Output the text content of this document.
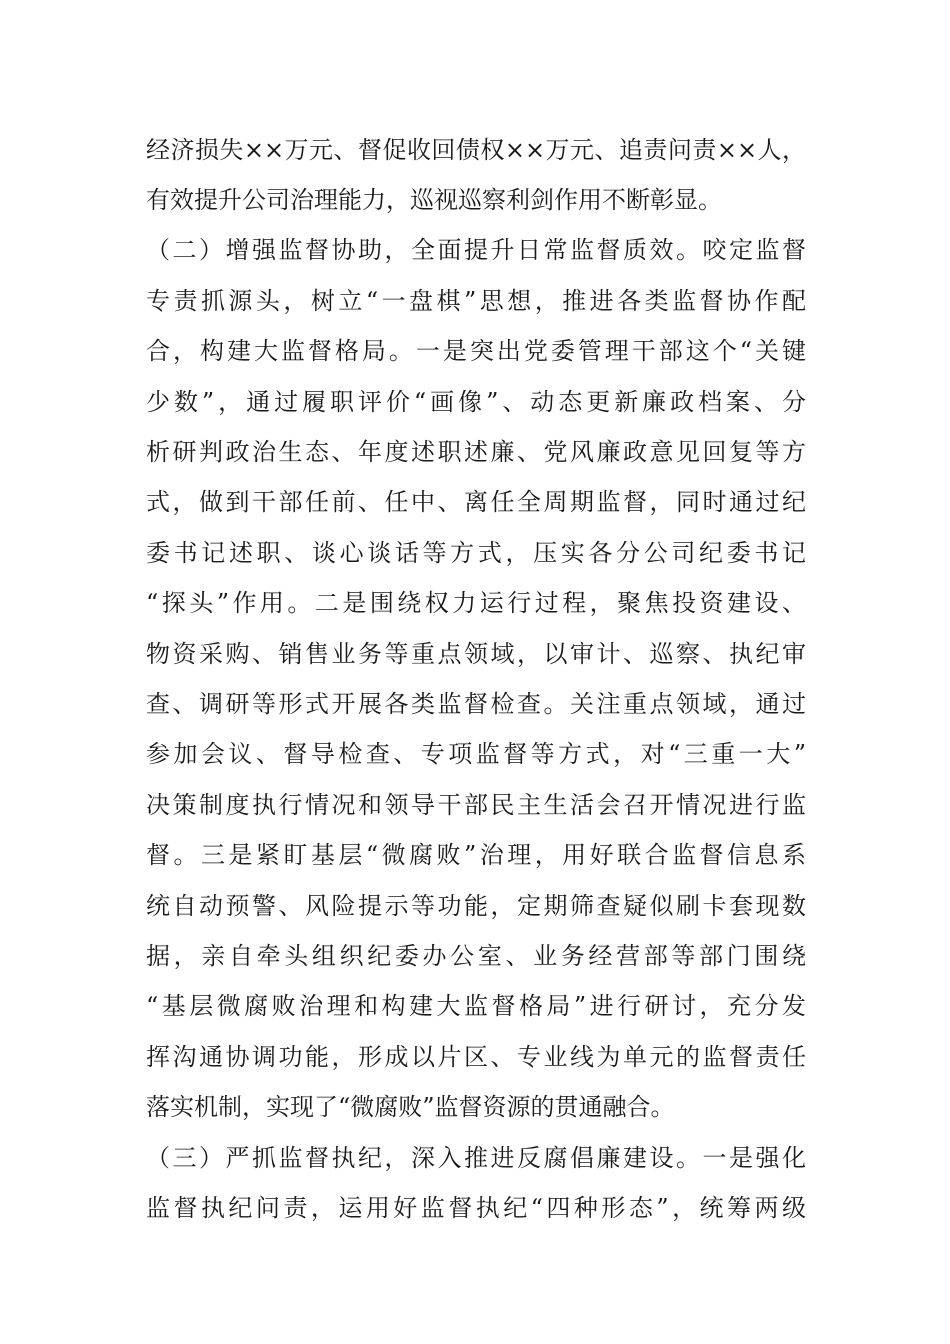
经济损失××万元、督促收回债权××万元、追责问责××人，
有效提升公司治理能力，巡视巡察利剑作用不断彰显。
（二）增强监督协助，全面提升日常监督质效。咬定监督
专责抓源头，树立“一盘棋”思想，推进各类监督协作配
合，构建大监督格局。一是突出党委管理干部这个“关键
少数”，通过履职评价“画像”、动态更新廉政档案、分
析研判政治生态、年度述职述廉、党风廉政意见回复等方
式，做到干部任前、任中、离任全周期监督，同时通过纪
委书记述职、谈心谈话等方式，压实各分公司纪委书记
“探头”作用。二是围绕权力运行过程，聚焦投资建设、
物资采购、销售业务等重点领域，以审计、巡察、执纪审
查、调研等形式开展各类监督检查。关注重点领域，通过
参加会议、督导检查、专项监督等方式，对“三重一大”
决策制度执行情况和领导干部民主生活会召开情况进行监
督。三是紧盯基层“微腐败”治理，用好联合监督信息系
统自动预警、风险提示等功能，定期筛查疑似刷卡套现数
据，亲自牵头组织纪委办公室、业务经营部等部门围绕
“基层微腐败治理和构建大监督格局”进行研讨，充分发
挥沟通协调功能，形成以片区、专业线为单元的监督责任
落实机制，实现了“微腐败”监督资源的贯通融合。
（三）严抓监督执纪，深入推进反腐倡廉建设。一是强化
监督执纪问责，运用好监督执纪“四种形态”，统筹两级
